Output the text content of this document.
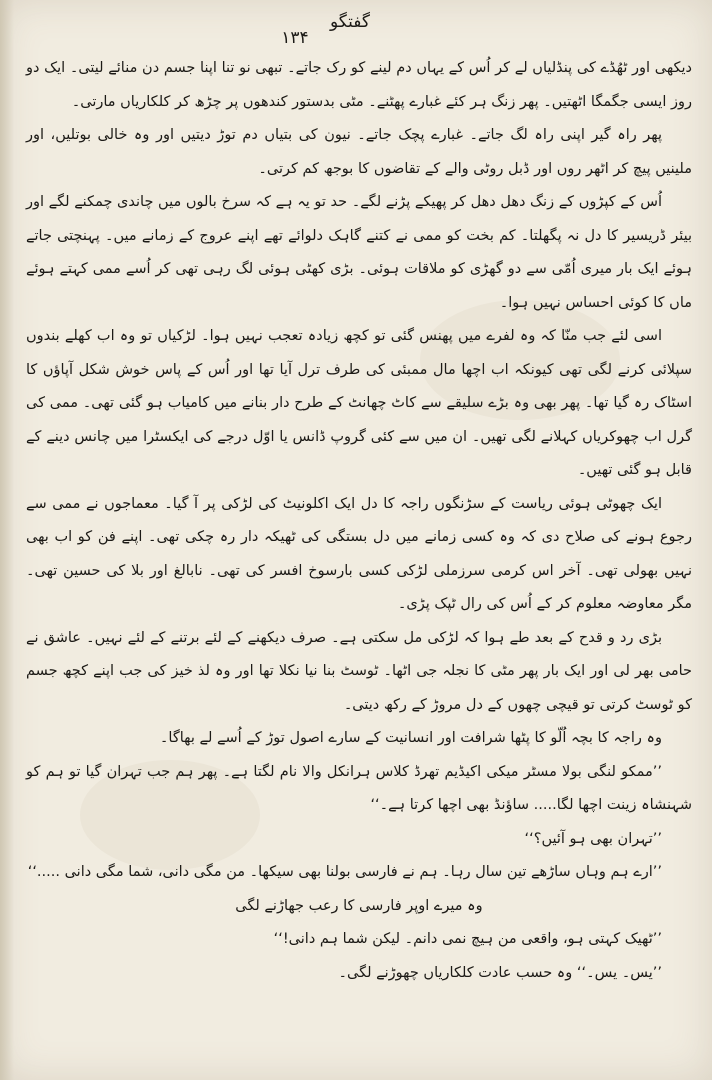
گفتگو
۱۳۴

دیکھی اور ٹھُڈے کی پنڈلیاں لے کر اُس کے یہاں دم لینے کو رک جاتے۔ تبھی نو تنا اپنا جسم دن منائے لیتی۔ ایک دو روز ایسی جگمگا اٹھتیں۔ پھر زنگ ہر کئے غبارے پھٹنے۔ مٹی بدستور کندھوں پر چڑھ کر کلکاریاں مارتی۔

پھر راہ گیر اپنی راہ لگ جاتے۔ غبارے پچک جاتے۔ نیون کی بتیاں دم توڑ دیتیں اور وہ خالی بوتلیں، اور ملینیں پیچ کر اٹھر روں اور ڈبل روٹی والے کے تقاضوں کا بوجھ کم کرتی۔

اُس کے کپڑوں کے زنگ دھل دھل کر پھیکے پڑنے لگے۔ حد تو یہ ہے کہ سرخ بالوں میں چاندی چمکنے لگے اور بیئر ڈریسیر کا دل نہ پگھلتا۔ کم بخت کو ممی نے کتنے گاہک دلوائے تھے اپنے عروج کے زمانے میں۔ پہنچتی جاتے ہوئے ایک بار میری اُمّی سے دو گھڑی کو ملاقات ہوئی۔ بڑی کھٹی ہوئی لگ رہی تھی کر اُسے ممی کہتے ہوئے ماں کا کوئی احساس نہیں ہوا۔

اسی لئے جب منّا کہ وہ لفرے میں پھنس گئی تو کچھ زیادہ تعجب نہیں ہوا۔ لڑکیاں تو وہ اب کھلے بندوں سپلائی کرنے لگی تھی کیونکہ اب اچھا مال ممبئی کی طرف ترل آیا تھا اور اُس کے پاس خوش شکل آپاؤں کا اسٹاک رہ گیا تھا۔ پھر بھی وہ بڑے سلیقے سے کاٹ چھانٹ کے طرح دار بنانے میں کامیاب ہو گئی تھی۔ ممی کی گرل اب چھوکریاں کہلانے لگی تھیں۔ ان میں سے کئی گروپ ڈانس یا اوّل درجے کی ایکسٹرا میں چانس دینے کے قابل ہو گئی تھیں۔

ایک چھوٹی ہوئی ریاست کے سڑنگوں راجہ کا دل ایک اکلونیٹ کی لڑکی پر آ گیا۔ معماجوں نے ممی سے رجوع ہونے کی صلاح دی کہ وہ کسی زمانے میں دل بستگی کی ٹھیکہ دار رہ چکی تھی۔ اپنے فن کو اب بھی نہیں بھولی تھی۔ آخر اس کرمی سرزملی لڑکی کسی بارسوخ افسر کی تھی۔ نابالغ اور بلا کی حسین تھی۔ مگر معاوضہ معلوم کر کے اُس کی رال ٹپک پڑی۔

بڑی رد و قدح کے بعد طے ہوا کہ لڑکی مل سکتی ہے۔ صرف دیکھنے کے لئے برتنے کے لئے نہیں۔ عاشق نے حامی بھر لی اور ایک بار پھر مٹی کا نجلہ جی اٹھا۔ ٹوسٹ بنا نیا نکلا تھا اور وہ لذ خیز کی جب اپنے کچھ جسم کو ٹوسٹ کرتی تو قیچی چھوں کے دل مروڑ کے رکھ دیتی۔

وہ راجہ کا بچہ اُلّو کا پٹھا شرافت اور انسانیت کے سارے اصول توڑ کے اُسے لے بھاگا۔

’’ممکو لنگی بولا مسٹر میکی اکیڈیم تھرڈ کلاس ہرانکل والا نام لگتا ہے۔ پھر ہم جب تہران گیا تو ہم کو شہنشاہ زینت اچھا لگا..... ساؤنڈ بھی اچھا کرتا ہے۔‘‘

’’تہران بھی ہو آئیں؟‘‘

’’ارے ہم وہاں ساڑھے تین سال رہا۔ ہم نے فارسی بولنا بھی سیکھا۔ من مگی دانی، شما مگی دانی .....‘‘

وہ میرے اوپر فارسی کا رعب جھاڑنے لگی

’’ٹھیک کہتی ہو، واقعی من ہیچ نمی دانم۔ لیکن شما ہم دانی!‘‘

’’یس۔ یس۔‘‘ وہ حسب عادت کلکاریاں چھوڑنے لگی۔
